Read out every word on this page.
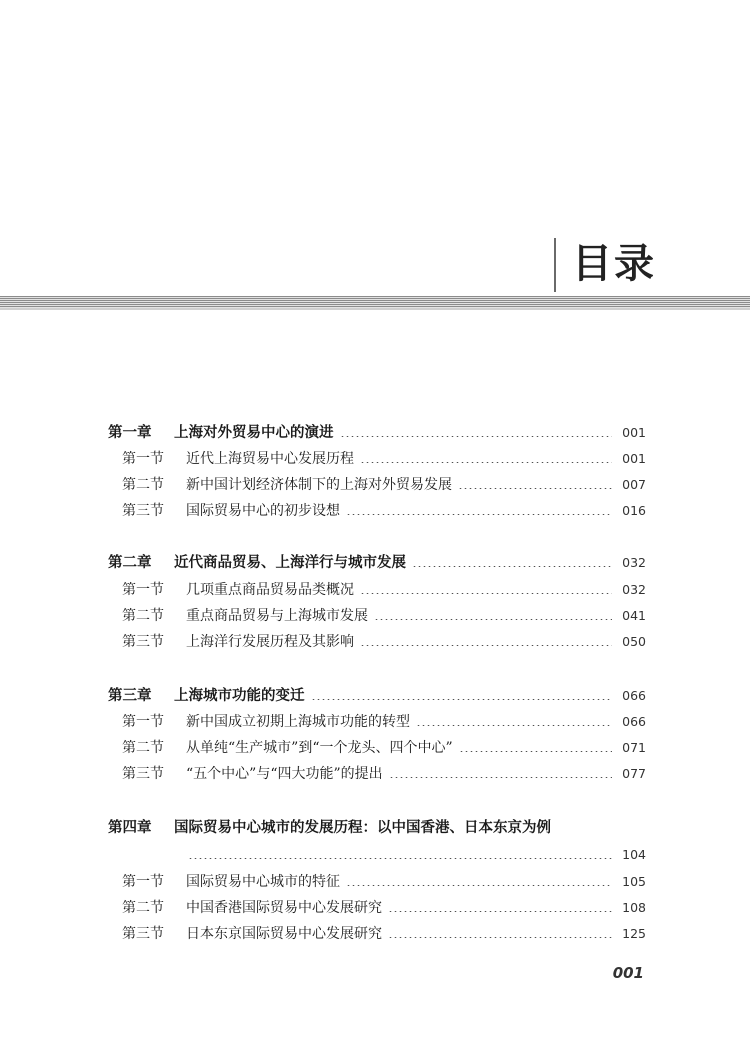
目录
第一章 上海对外贸易中心的演进	001
第一节 近代上海贸易中心发展历程	001
第二节 新中国计划经济体制下的上海对外贸易发展	007
第三节 国际贸易中心的初步设想	016
第二章 近代商品贸易、上海洋行与城市发展	032
第一节 几项重点商品贸易品类概况	032
第二节 重点商品贸易与上海城市发展	041
第三节 上海洋行发展历程及其影响	050
第三章 上海城市功能的变迁	066
第一节 新中国成立初期上海城市功能的转型	066
第二节 从单纯“生产城市”到“一个龙头、四个中心”	071
第三节 “五个中心”与“四大功能”的提出	077
第四章 国际贸易中心城市的发展历程：以中国香港、日本东京为例
104
第一节 国际贸易中心城市的特征	105
第二节 中国香港国际贸易中心发展研究	108
第三节 日本东京国际贸易中心发展研究	125
001
